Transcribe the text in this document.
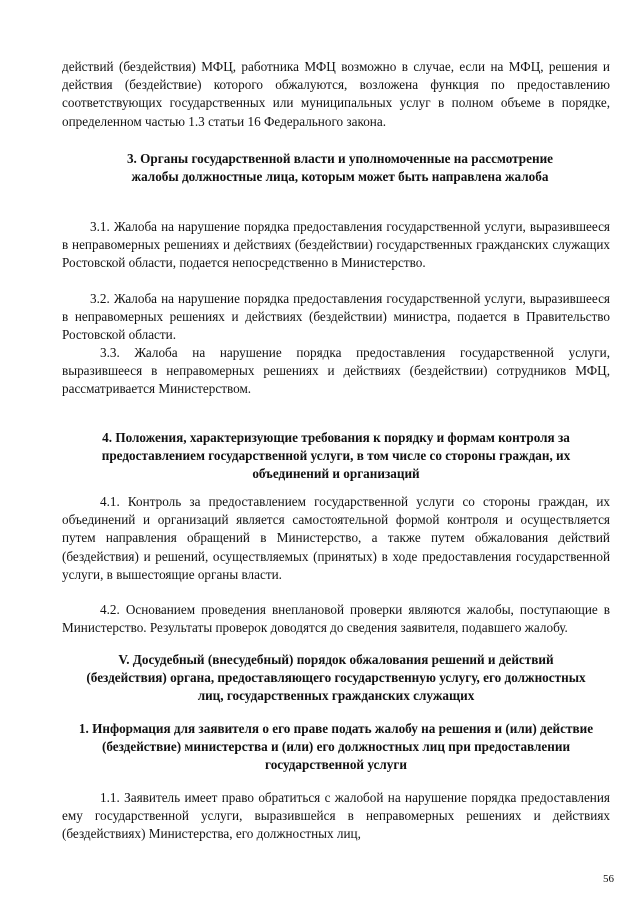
действий (бездействия) МФЦ, работника МФЦ возможно в случае, если на МФЦ, решения и действия (бездействие) которого обжалуются, возложена функция по предоставлению соответствующих государственных или муниципальных услуг в полном объеме в порядке, определенном частью 1.3 статьи 16 Федерального закона.

3. Органы государственной власти и уполномоченные на рассмотрение жалобы должностные лица, которым может быть направлена жалоба

3.1. Жалоба на нарушение порядка предоставления государственной услуги, выразившееся в неправомерных решениях и действиях (бездействии) государственных гражданских служащих Ростовской области, подается непосредственно в Министерство.

3.2. Жалоба на нарушение порядка предоставления государственной услуги, выразившееся в неправомерных решениях и действиях (бездействии) министра, подается в Правительство Ростовской области.

3.3. Жалоба на нарушение порядка предоставления государственной услуги, выразившееся в неправомерных решениях и действиях (бездействии) сотрудников МФЦ, рассматривается Министерством.

4. Положения, характеризующие требования к порядку и формам контроля за предоставлением государственной услуги, в том числе со стороны граждан, их объединений и организаций

4.1. Контроль за предоставлением государственной услуги со стороны граждан, их объединений и организаций является самостоятельной формой контроля и осуществляется путем направления обращений в Министерство, а также путем обжалования действий (бездействия) и решений, осуществляемых (принятых) в ходе предоставления государственной услуги, в вышестоящие органы власти.

4.2. Основанием проведения внеплановой проверки являются жалобы, поступающие в Министерство. Результаты проверок доводятся до сведения заявителя, подавшего жалобу.

V. Досудебный (внесудебный) порядок обжалования решений и действий (бездействия) органа, предоставляющего государственную услугу, его должностных лиц, государственных гражданских служащих

1. Информация для заявителя о его праве подать жалобу на решения и (или) действие (бездействие) министерства и (или) его должностных лиц при предоставлении государственной услуги

1.1. Заявитель имеет право обратиться с жалобой на нарушение порядка предоставления ему государственной услуги, выразившейся в неправомерных решениях и действиях (бездействиях) Министерства, его должностных лиц,

56
